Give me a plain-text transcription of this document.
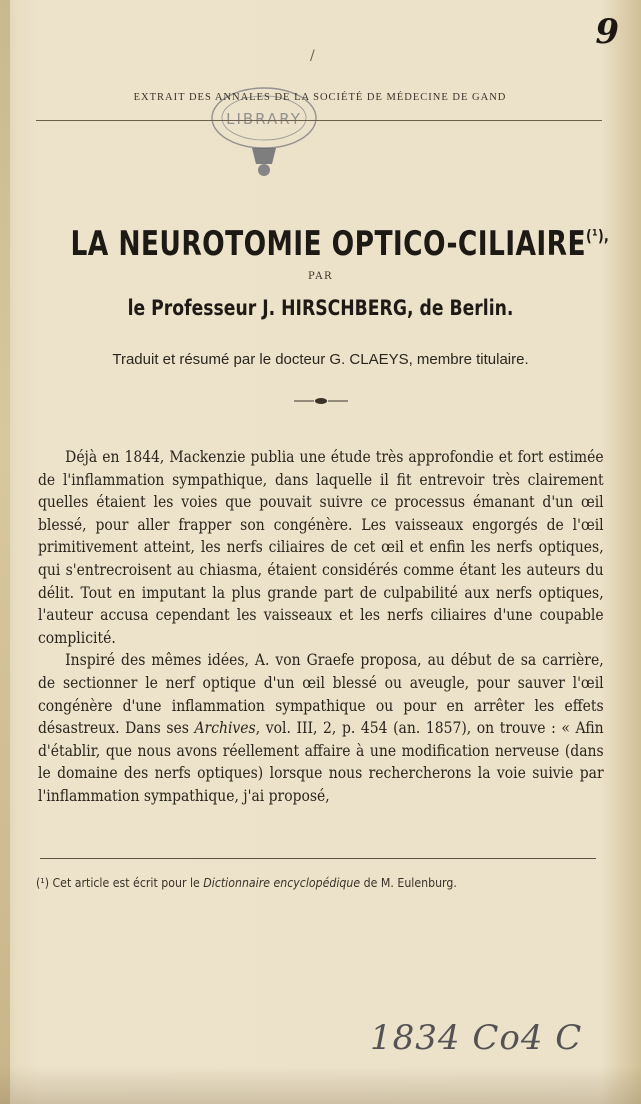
9
/
LIBRARY
EXTRAIT DES ANNALES DE LA SOCIÉTÉ DE MÉDECINE DE GAND
LA NEUROTOMIE OPTICO-CILIAIRE$^{(^1),}$
PAR
le Professeur J. HIRSCHBERG, de Berlin.
Traduit et résumé par le docteur G. CLAEYS, membre titulaire.

Déjà en 1844, Mackenzie publia une étude très approfondie et fort estimée de l'inflammation sympathique, dans laquelle il fit entrevoir très clairement quelles étaient les voies que pouvait suivre ce processus émanant d'un œil blessé, pour aller frapper son congénère. Les vaisseaux engorgés de l'œil primitivement atteint, les nerfs ciliaires de cet œil et enfin les nerfs optiques, qui s'entrecroisent au chiasma, étaient considérés comme étant les auteurs du délit. Tout en imputant la plus grande part de culpabilité aux nerfs optiques, l'auteur accusa cependant les vaisseaux et les nerfs ciliaires d'une coupable complicité.

Inspiré des mêmes idées, A. von Graefe proposa, au début de sa carrière, de sectionner le nerf optique d'un œil blessé ou aveugle, pour sauver l'œil congénère d'une inflammation sympathique ou pour en arrêter les effets désastreux. Dans ses Archives, vol. III, 2, p. 454 (an. 1857), on trouve : « Afin d'établir, que nous avons réellement affaire à une modification nerveuse (dans le domaine des nerfs optiques) lorsque nous rechercherons la voie suivie par l'inflammation sympathique, j'ai proposé,

(¹) Cet article est écrit pour le Dictionnaire encyclopédique de M. Eulenburg.
1834 Co4 C
